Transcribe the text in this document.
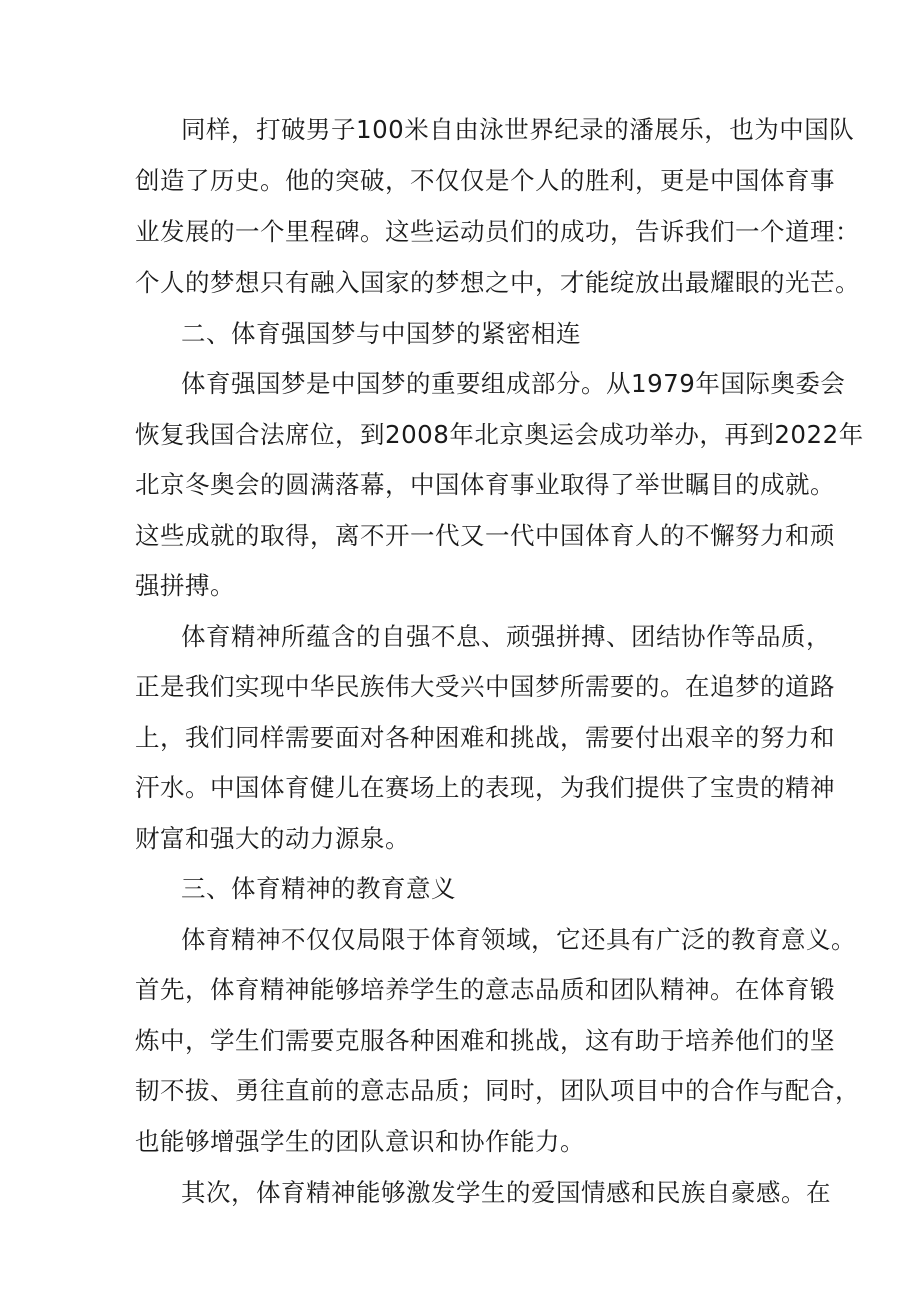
同样，打破男子100米自由泳世界纪录的潘展乐，也为中国队
创造了历史。他的突破，不仅仅是个人的胜利，更是中国体育事
业发展的一个里程碑。这些运动员们的成功，告诉我们一个道理：
个人的梦想只有融入国家的梦想之中，才能绽放出最耀眼的光芒。
二、体育强国梦与中国梦的紧密相连
体育强国梦是中国梦的重要组成部分。从1979年国际奥委会
恢复我国合法席位，到2008年北京奥运会成功举办，再到2022年
北京冬奥会的圆满落幕，中国体育事业取得了举世瞩目的成就。
这些成就的取得，离不开一代又一代中国体育人的不懈努力和顽
强拼搏。
体育精神所蕴含的自强不息、顽强拼搏、团结协作等品质，
正是我们实现中华民族伟大受兴中国梦所需要的。在追梦的道路
上，我们同样需要面对各种困难和挑战，需要付出艰辛的努力和
汗水。中国体育健儿在赛场上的表现，为我们提供了宝贵的精神
财富和强大的动力源泉。
三、体育精神的教育意义
体育精神不仅仅局限于体育领域，它还具有广泛的教育意义。
首先，体育精神能够培养学生的意志品质和团队精神。在体育锻
炼中，学生们需要克服各种困难和挑战，这有助于培养他们的坚
韧不拔、勇往直前的意志品质；同时，团队项目中的合作与配合，
也能够增强学生的团队意识和协作能力。
其次，体育精神能够激发学生的爱国情感和民族自豪感。在
